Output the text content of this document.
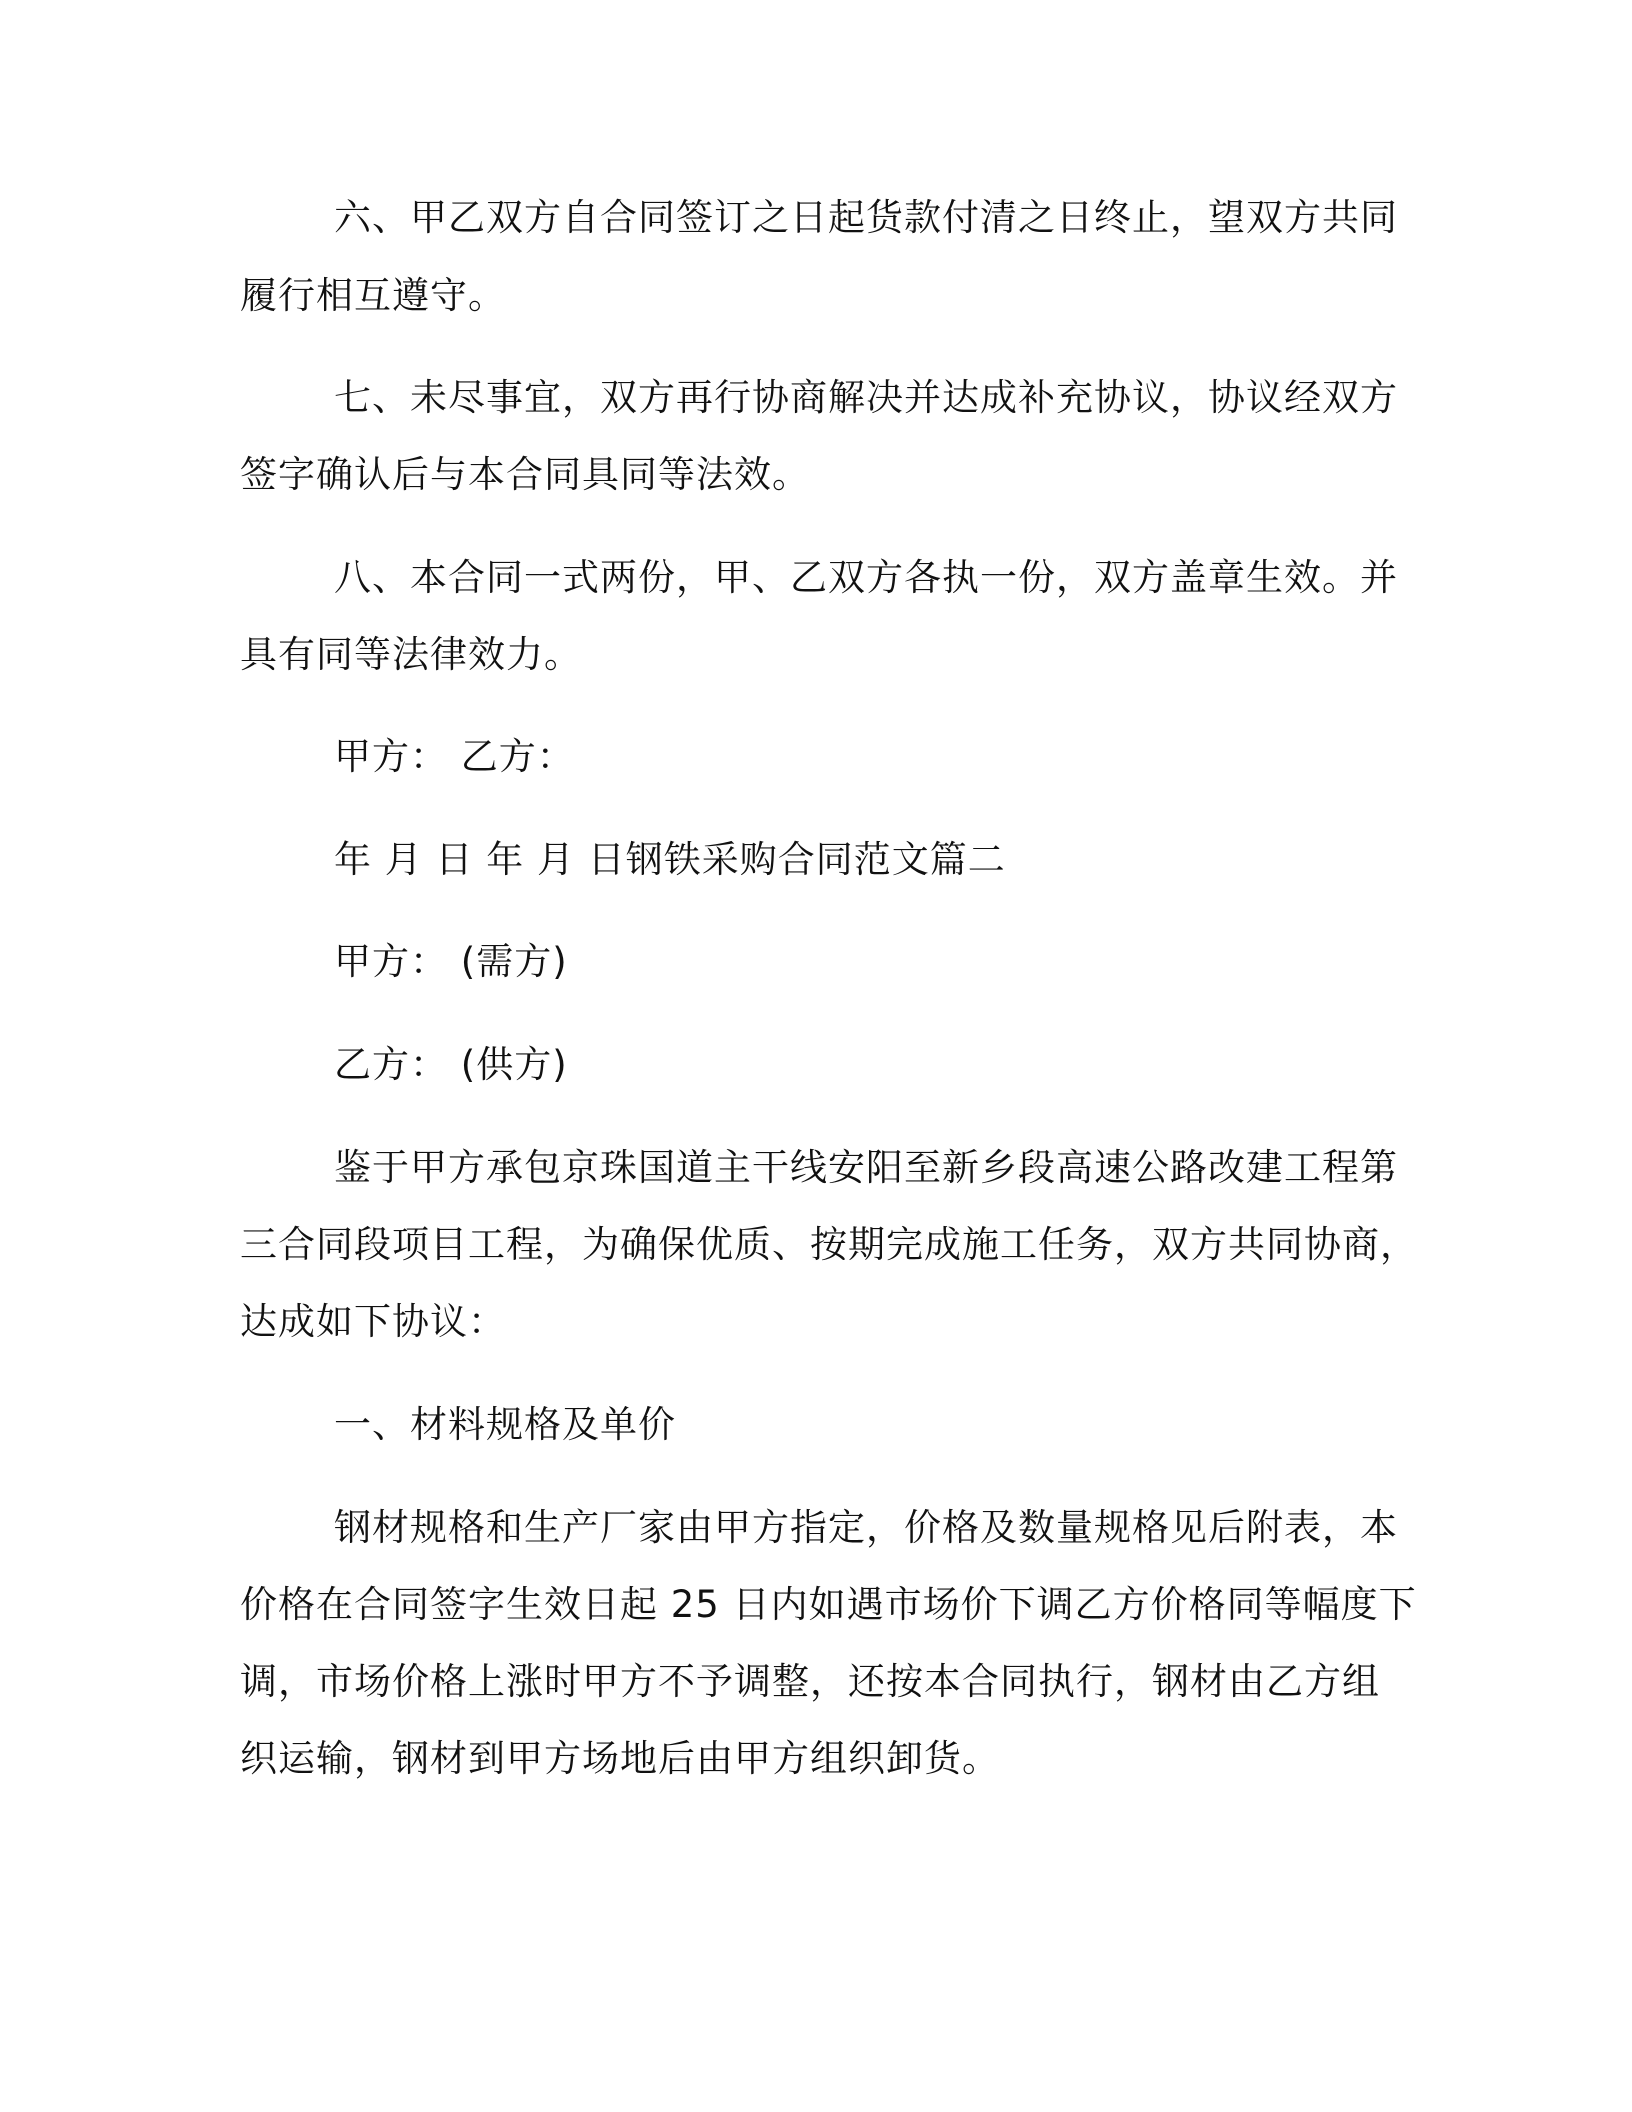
六、甲乙双方自合同签订之日起货款付清之日终止，望双方共同
履行相互遵守。
七、未尽事宜，双方再行协商解决并达成补充协议，协议经双方
签字确认后与本合同具同等法效。
八、本合同一式两份，甲、乙双方各执一份，双方盖章生效。并
具有同等法律效力。
甲方： 乙方：
年 月 日 年 月 日钢铁采购合同范文篇二
甲方： (需方)
乙方： (供方)
鉴于甲方承包京珠国道主干线安阳至新乡段高速公路改建工程第
三合同段项目工程，为确保优质、按期完成施工任务，双方共同协商，
达成如下协议：
一、材料规格及单价
钢材规格和生产厂家由甲方指定，价格及数量规格见后附表，本
价格在合同签字生效日起 25 日内如遇市场价下调乙方价格同等幅度下
调，市场价格上涨时甲方不予调整，还按本合同执行，钢材由乙方组
织运输，钢材到甲方场地后由甲方组织卸货。
